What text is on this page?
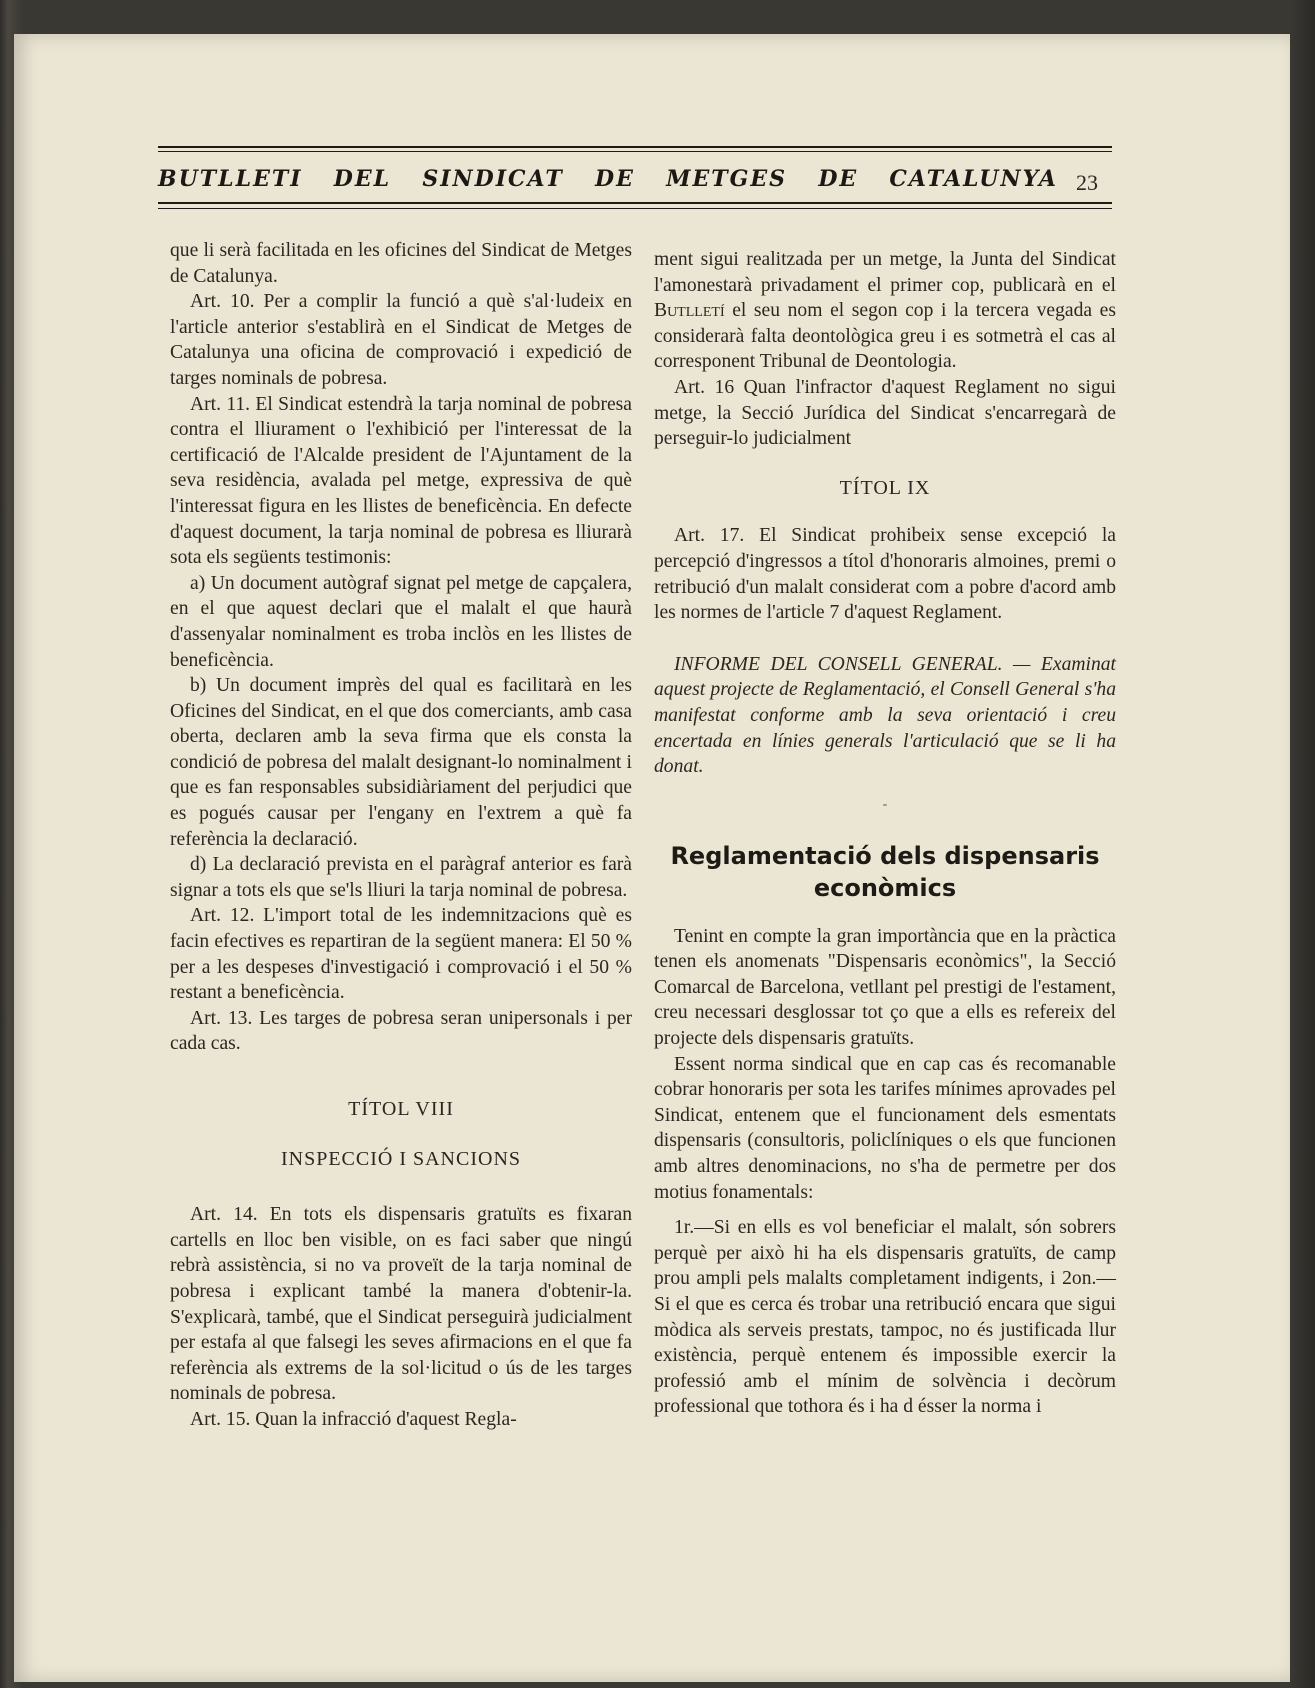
BUTLLETI DEL SINDICAT DE METGES DE CATALUNYA 23

que li serà facilitada en les oficines del Sindicat de Metges de Catalunya.

Art. 10. Per a complir la funció a què s'al·ludeix en l'article anterior s'establirà en el Sindicat de Metges de Catalunya una oficina de comprovació i expedició de targes nominals de pobresa.

Art. 11. El Sindicat estendrà la tarja nominal de pobresa contra el lliurament o l'exhibició per l'interessat de la certificació de l'Alcalde president de l'Ajuntament de la seva residència, avalada pel metge, expressiva de què l'interessat figura en les llistes de beneficència. En defecte d'aquest document, la tarja nominal de pobresa es lliurarà sota els següents testimonis:

a) Un document autògraf signat pel metge de capçalera, en el que aquest declari que el malalt el que haurà d'assenyalar nominalment es troba inclòs en les llistes de beneficència.

b) Un document imprès del qual es facilitarà en les Oficines del Sindicat, en el que dos comerciants, amb casa oberta, declaren amb la seva firma que els consta la condició de pobresa del malalt designant-lo nominalment i que es fan responsables subsidiàriament del perjudici que es pogués causar per l'engany en l'extrem a què fa referència la declaració.

d) La declaració prevista en el paràgraf anterior es farà signar a tots els que se'ls lliuri la tarja nominal de pobresa.

Art. 12. L'import total de les indemnitzacions què es facin efectives es repartiran de la següent manera: El 50 % per a les despeses d'investigació i comprovació i el 50 % restant a beneficència.

Art. 13. Les targes de pobresa seran unipersonals i per cada cas.

TÍTOL VIII

INSPECCIÓ I SANCIONS

Art. 14. En tots els dispensaris gratuïts es fixaran cartells en lloc ben visible, on es faci saber que ningú rebrà assistència, si no va proveït de la tarja nominal de pobresa i explicant també la manera d'obtenir-la. S'explicarà, també, que el Sindicat perseguirà judicialment per estafa al que falsegi les seves afirmacions en el que fa referència als extrems de la sol·licitud o ús de les targes nominals de pobresa.

Art. 15. Quan la infracció d'aquest Regla-

ment sigui realitzada per un metge, la Junta del Sindicat l'amonestarà privadament el primer cop, publicarà en el Butlletí el seu nom el segon cop i la tercera vegada es considerarà falta deontològica greu i es sotmetrà el cas al corresponent Tribunal de Deontologia.

Art. 16 Quan l'infractor d'aquest Reglament no sigui metge, la Secció Jurídica del Sindicat s'encarregarà de perseguir-lo judicialment

TÍTOL IX

Art. 17. El Sindicat prohibeix sense excepció la percepció d'ingressos a títol d'honoraris almoines, premi o retribució d'un malalt considerat com a pobre d'acord amb les normes de l'article 7 d'aquest Reglament.

INFORME DEL CONSELL GENERAL. — Examinat aquest projecte de Reglamentació, el Consell General s'ha manifestat conforme amb la seva orientació i creu encertada en línies generals l'articulació que se li ha donat.

-
Reglamentació dels dispensaris
econòmics

Tenint en compte la gran importància que en la pràctica tenen els anomenats "Dispensaris econòmics", la Secció Comarcal de Barcelona, vetllant pel prestigi de l'estament, creu necessari desglossar tot ço que a ells es refereix del projecte dels dispensaris gratuïts.

Essent norma sindical que en cap cas és recomanable cobrar honoraris per sota les tarifes mínimes aprovades pel Sindicat, entenem que el funcionament dels esmentats dispensaris (consultoris, policlíniques o els que funcionen amb altres denominacions, no s'ha de permetre per dos motius fonamentals:

1r.—Si en ells es vol beneficiar el malalt, són sobrers perquè per això hi ha els dispensaris gratuïts, de camp prou ampli pels malalts completament indigents, i 2on.—Si el que es cerca és trobar una retribució encara que sigui mòdica als serveis prestats, tampoc, no és justificada llur existència, perquè entenem és impossible exercir la professió amb el mínim de solvència i decòrum professional que tothora és i ha d ésser la norma i
